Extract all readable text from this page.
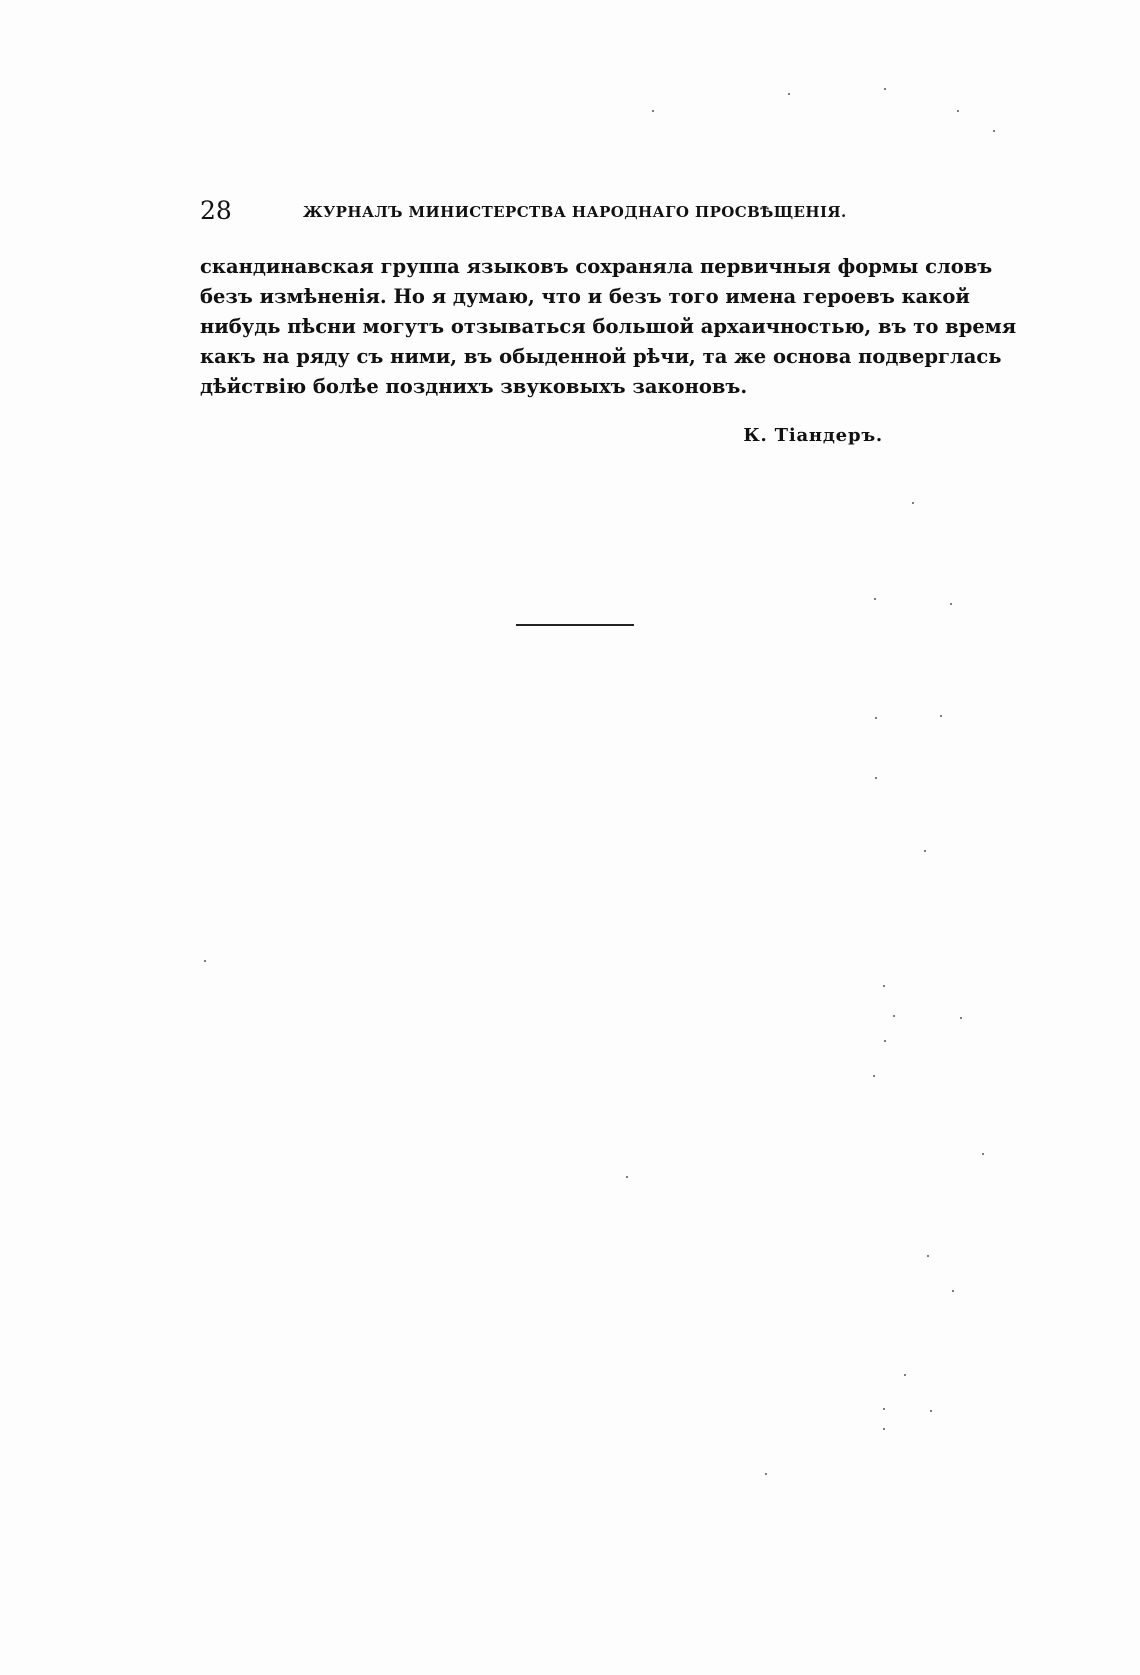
28	ЖУРНАЛЪ МИНИСТЕРСТВА НАРОДНАГО ПРОСВѢЩЕНІЯ.
скандинавская группа языковъ сохраняла первичныя формы словъ
безъ измѣненія. Но я думаю, что и безъ того имена героевъ какой
нибудь пѣсни могутъ отзываться большой архаичностью, въ то время
какъ на ряду съ ними, въ обыденной рѣчи, та же основа подверглась
дѣйствію болѣе позднихъ звуковыхъ законовъ.
К. Тіандеръ.
